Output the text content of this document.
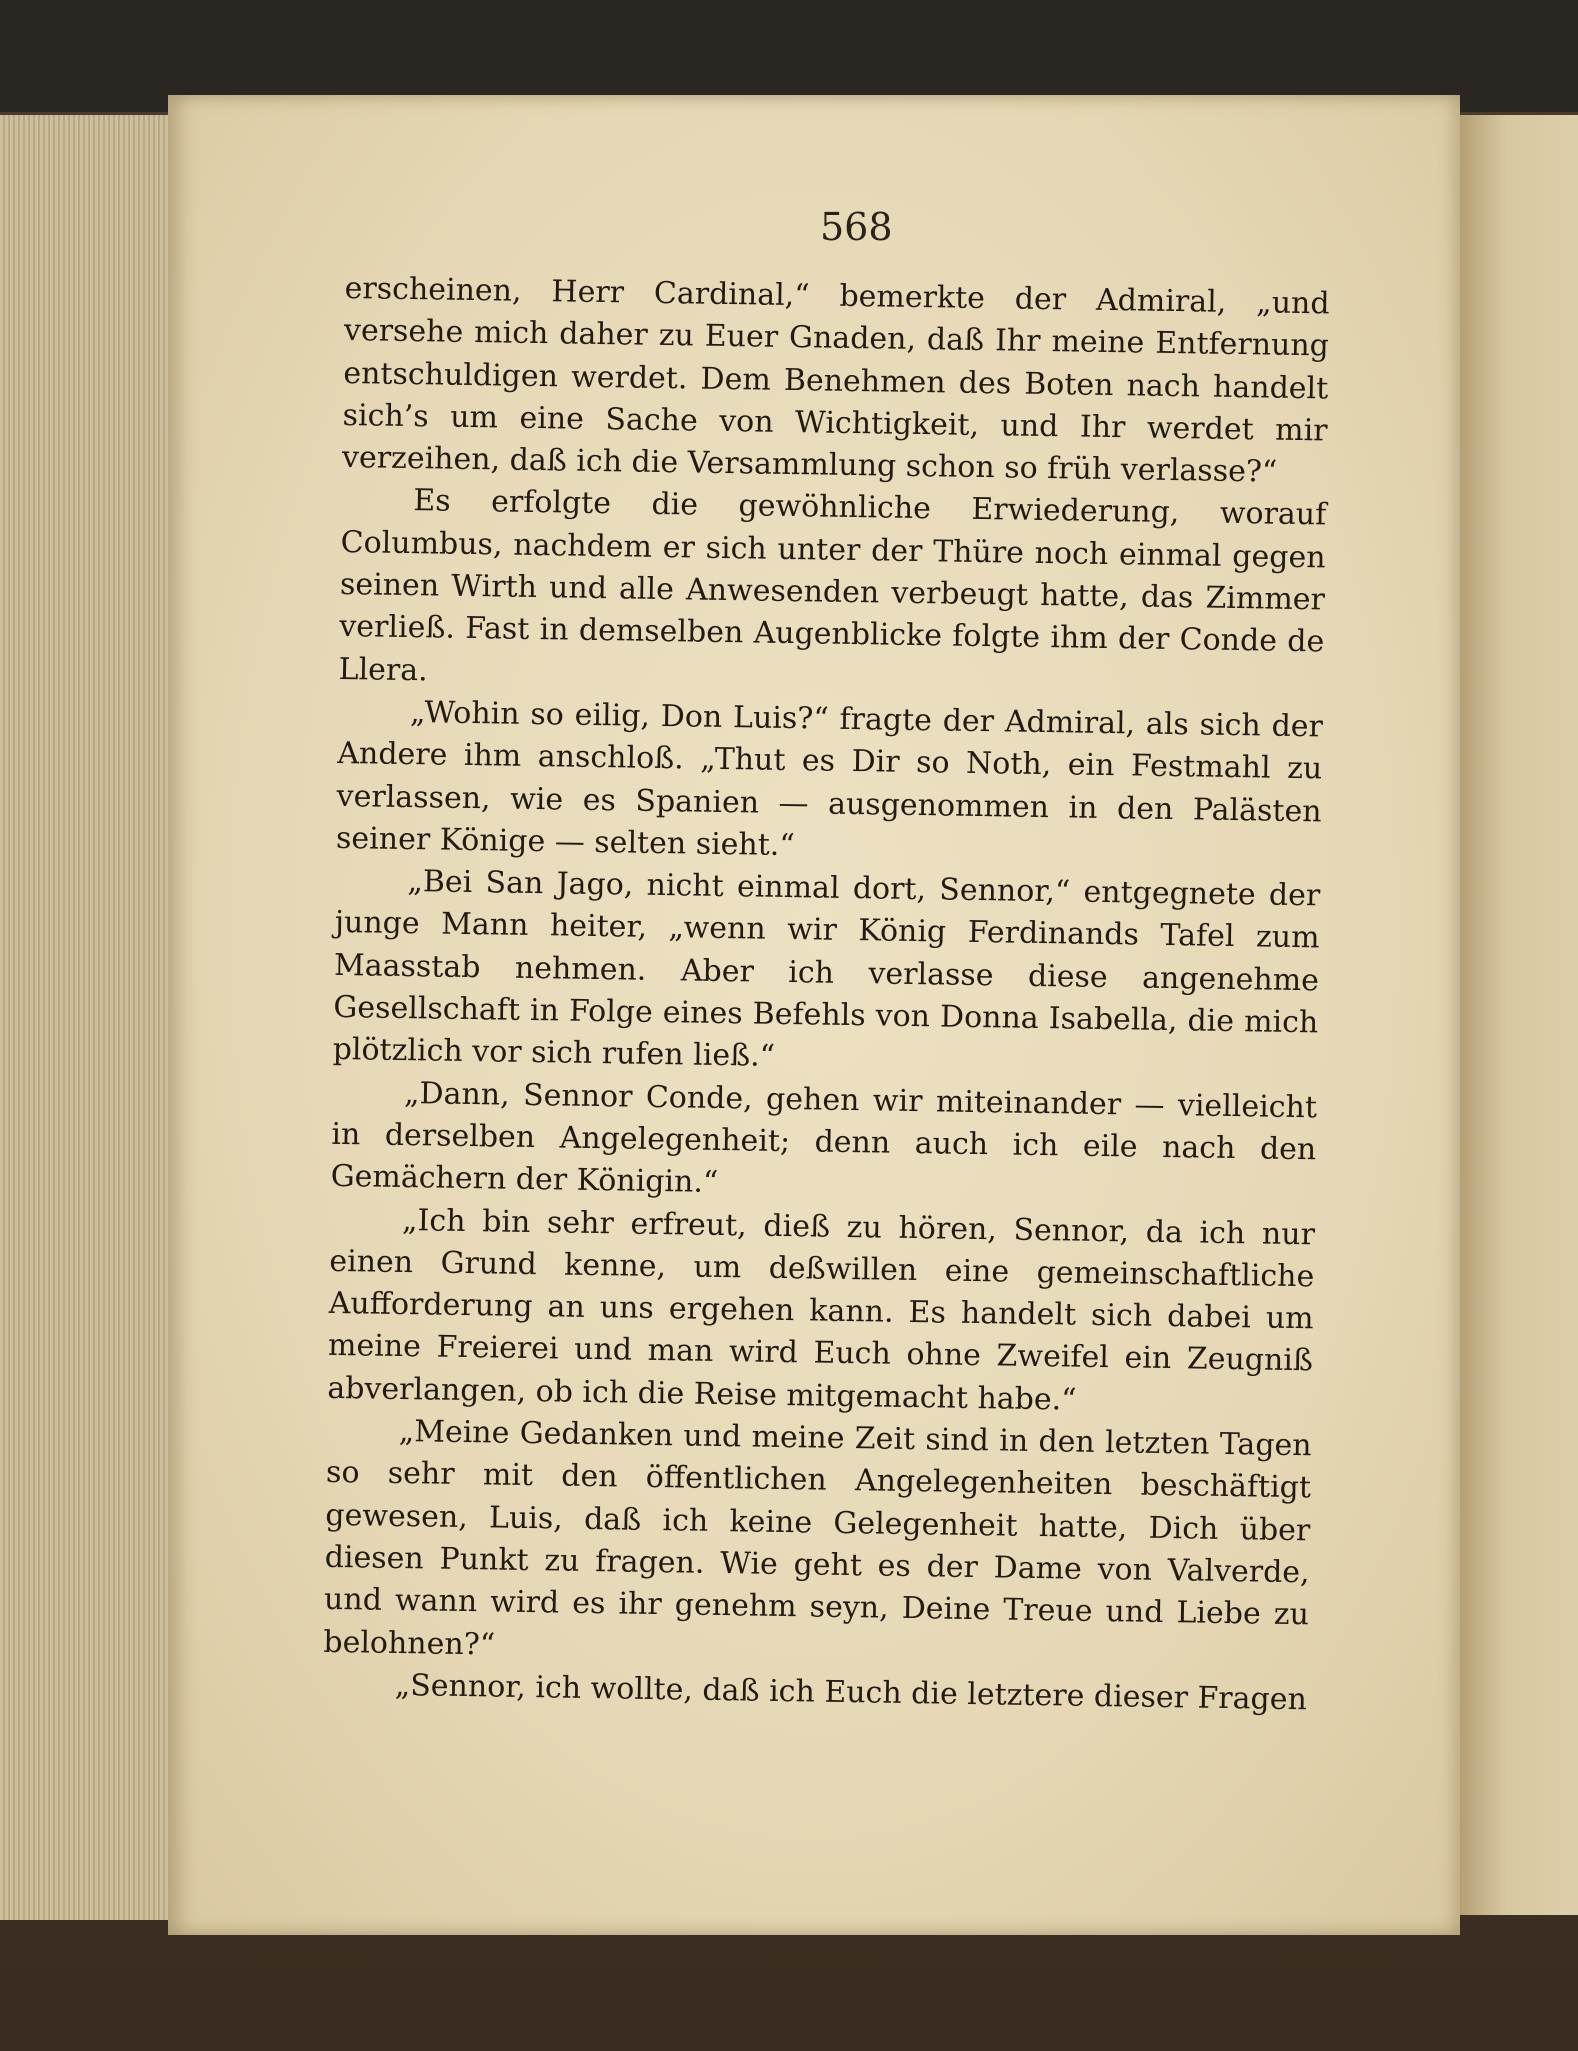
568

erscheinen, Herr Cardinal,“ bemerkte der Admiral, „und versehe mich daher zu Euer Gnaden, daß Ihr meine Entfernung entschuldigen werdet. Dem Benehmen des Boten nach handelt sich’s um eine Sache von Wichtigkeit, und Ihr werdet mir verzeihen, daß ich die Versammlung schon so früh verlasse?“

Es erfolgte die gewöhnliche Erwiederung, worauf Columbus, nachdem er sich unter der Thüre noch einmal gegen seinen Wirth und alle Anwesenden verbeugt hatte, das Zimmer verließ. Fast in demselben Augenblicke folgte ihm der Conde de Llera.

„Wohin so eilig, Don Luis?“ fragte der Admiral, als sich der Andere ihm anschloß. „Thut es Dir so Noth, ein Festmahl zu verlassen, wie es Spanien — ausgenommen in den Palästen seiner Könige — selten sieht.“

„Bei San Jago, nicht einmal dort, Sennor,“ entgegnete der junge Mann heiter, „wenn wir König Ferdinands Tafel zum Maasstab nehmen. Aber ich verlasse diese angenehme Gesellschaft in Folge eines Befehls von Donna Isabella, die mich plötzlich vor sich rufen ließ.“

„Dann, Sennor Conde, gehen wir miteinander — vielleicht in derselben Angelegenheit; denn auch ich eile nach den Gemächern der Königin.“

„Ich bin sehr erfreut, dieß zu hören, Sennor, da ich nur einen Grund kenne, um deßwillen eine gemeinschaftliche Aufforderung an uns ergehen kann. Es handelt sich dabei um meine Freierei und man wird Euch ohne Zweifel ein Zeugniß abverlangen, ob ich die Reise mitgemacht habe.“

„Meine Gedanken und meine Zeit sind in den letzten Tagen so sehr mit den öffentlichen Angelegenheiten beschäftigt gewesen, Luis, daß ich keine Gelegenheit hatte, Dich über diesen Punkt zu fragen. Wie geht es der Dame von Valverde, und wann wird es ihr genehm seyn, Deine Treue und Liebe zu belohnen?“

„Sennor, ich wollte, daß ich Euch die letztere dieser Fragen
